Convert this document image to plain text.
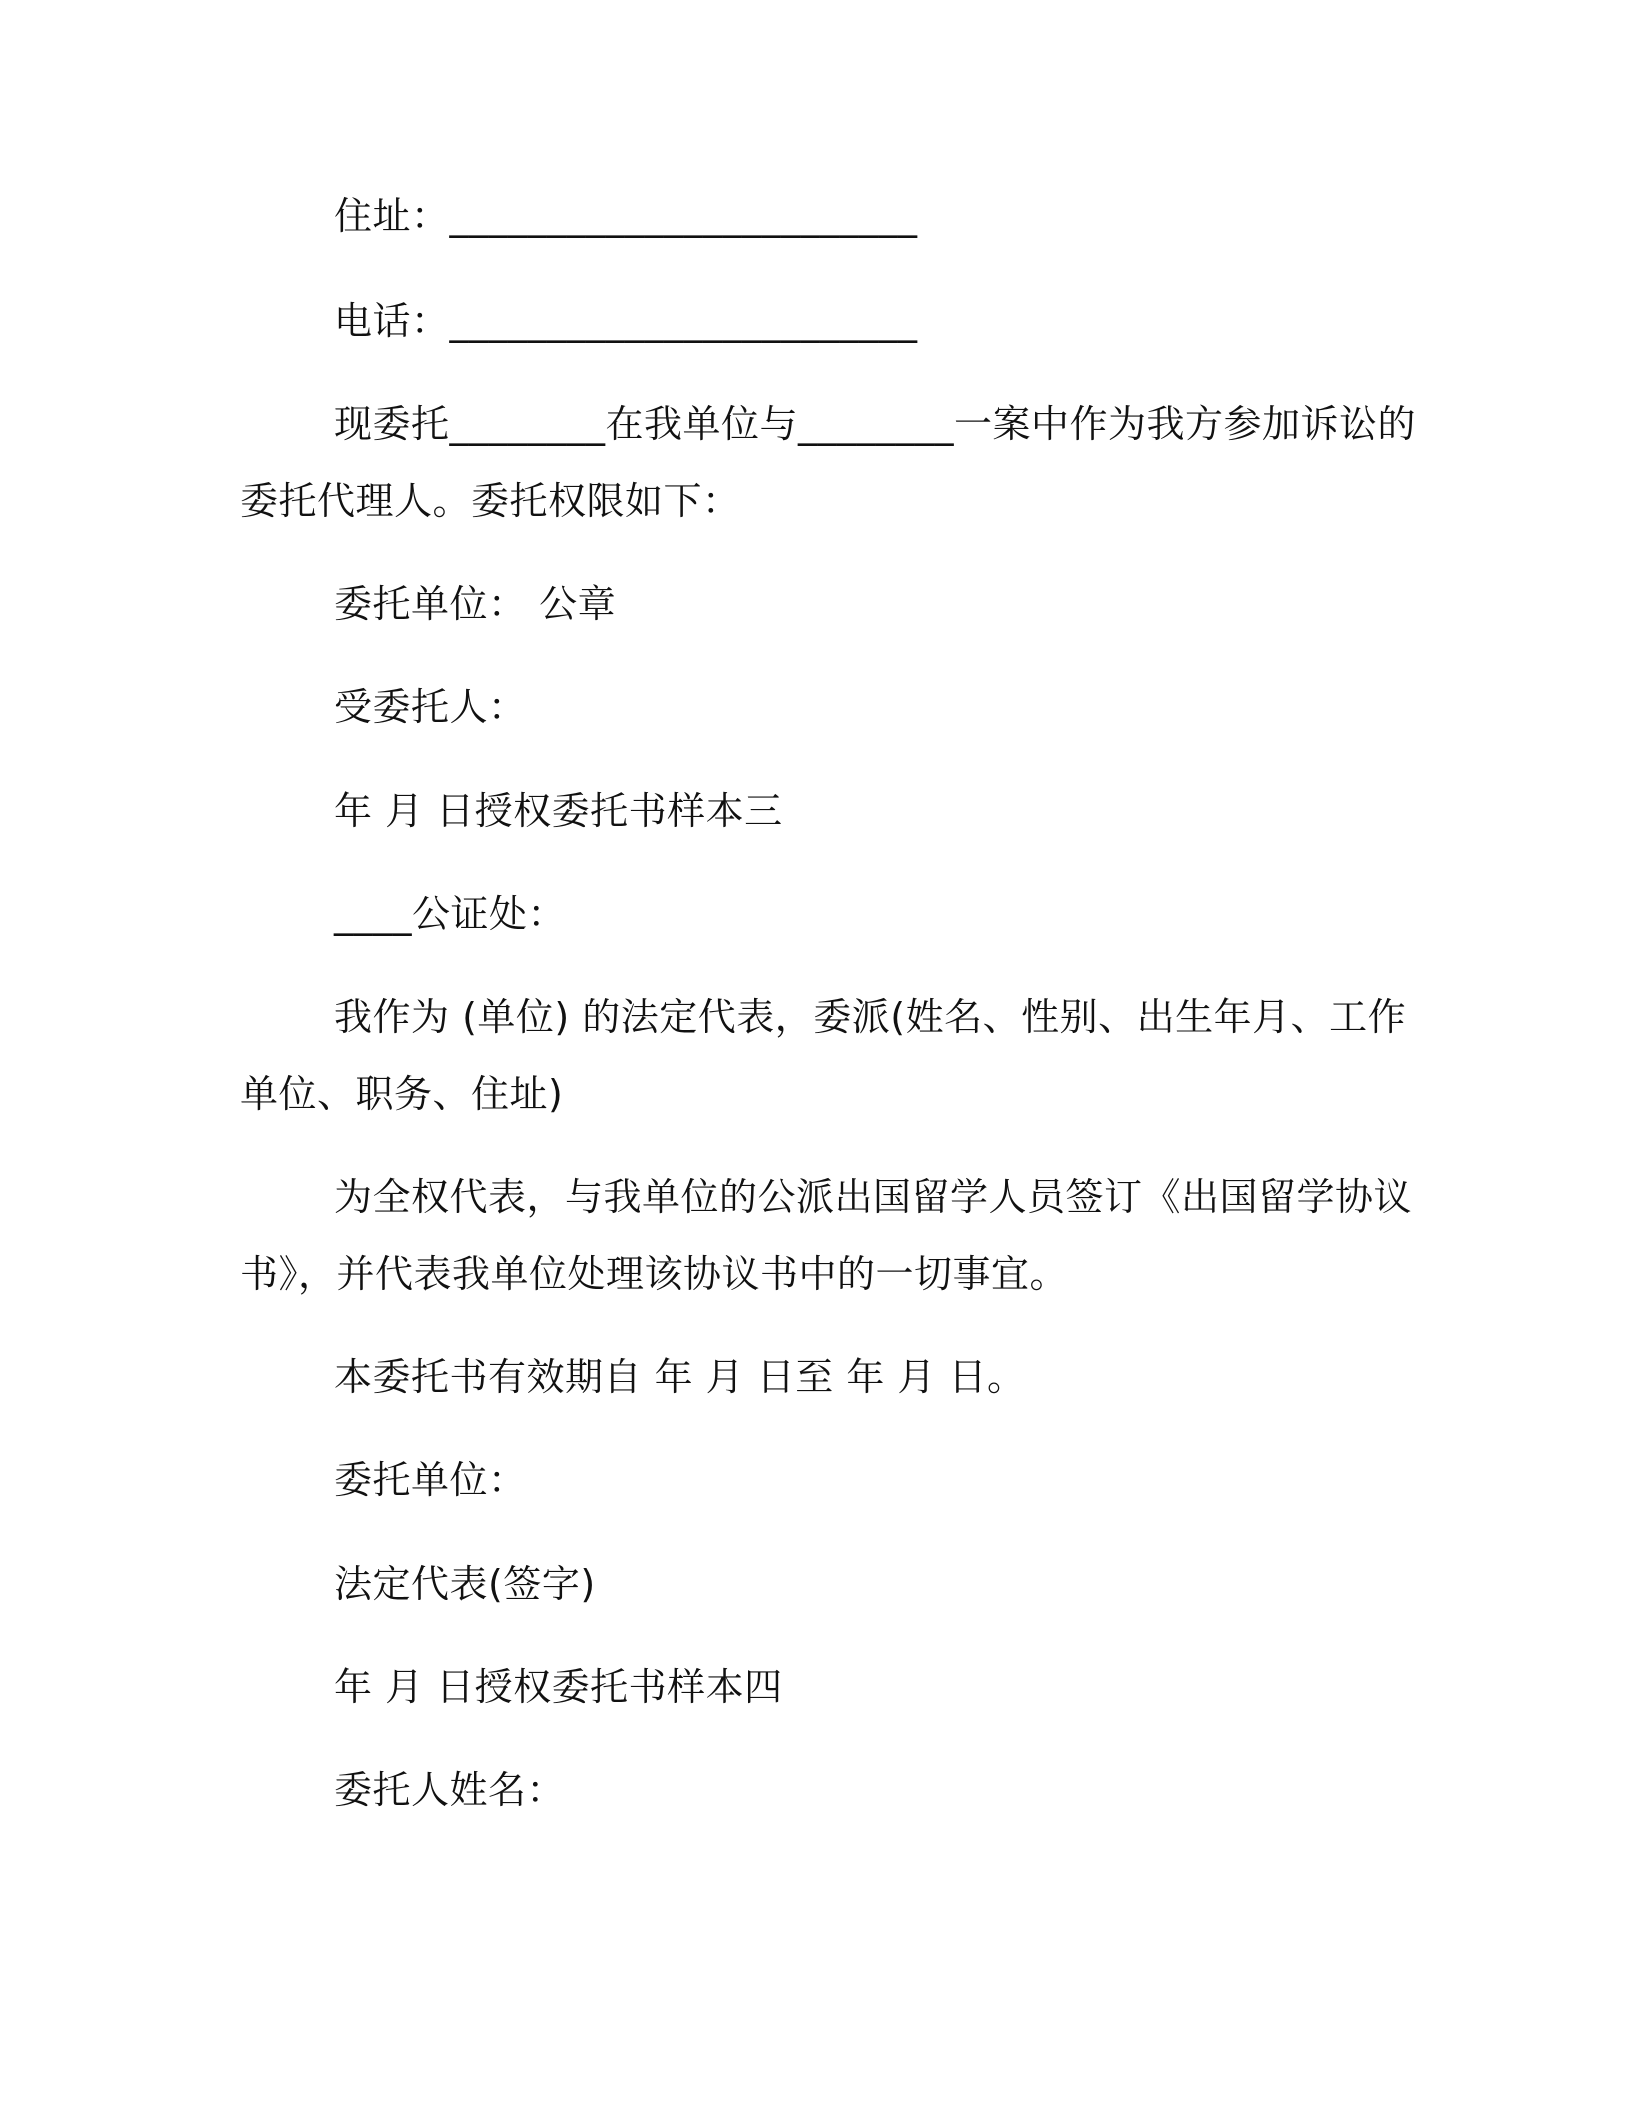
住址：________________________
电话：________________________
现委托________在我单位与________一案中作为我方参加诉讼的
委托代理人。委托权限如下：
委托单位： 公章
受委托人：
年 月 日授权委托书样本三
____公证处：
我作为 (单位) 的法定代表，委派(姓名、性别、出生年月、工作
单位、职务、住址)
为全权代表，与我单位的公派出国留学人员签订《出国留学协议
书》，并代表我单位处理该协议书中的一切事宜。
本委托书有效期自 年 月 日至 年 月 日。
委托单位：
法定代表(签字)
年 月 日授权委托书样本四
委托人姓名：
